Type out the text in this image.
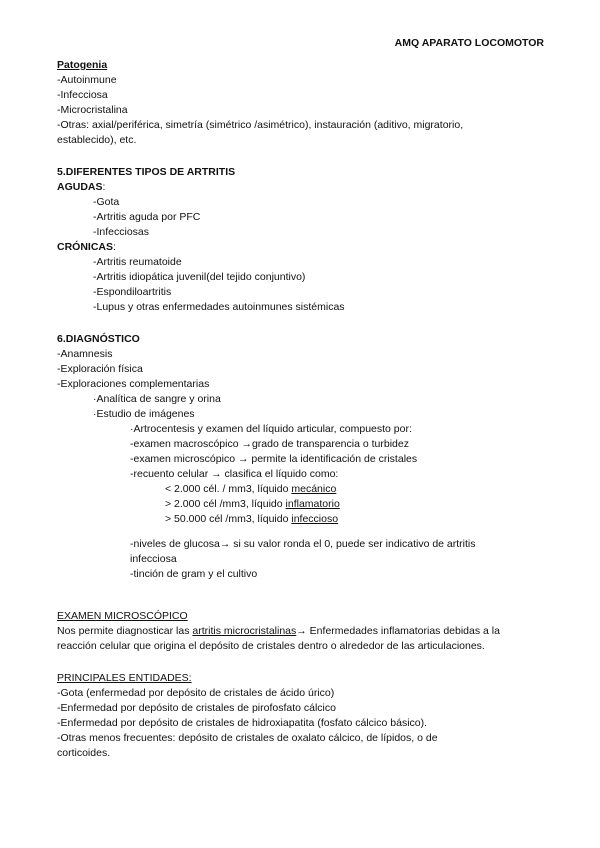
AMQ APARATO LOCOMOTOR
Patogenia
-Autoinmune
-Infecciosa
-Microcristalina
-Otras: axial/periférica, simetría (simétrico /asimétrico), instauración (aditivo, migratorio, establecido), etc.
5.DIFERENTES TIPOS DE ARTRITIS
AGUDAS:
-Gota
-Artritis aguda por PFC
-Infecciosas
CRÓNICAS:
-Artritis reumatoide
-Artritis idiopática juvenil(del tejido conjuntivo)
-Espondiloartritis
-Lupus y otras enfermedades autoinmunes sistémicas
6.DIAGNÓSTICO
-Anamnesis
-Exploración física
-Exploraciones complementarias
·Analítica de sangre y orina
·Estudio de imágenes
·Artrocentesis y examen del líquido articular, compuesto por:
-examen macroscópico →grado de transparencia o turbidez
-examen microscópico → permite la identificación de cristales
-recuento celular → clasifica el líquido como:
< 2.000 cél. / mm3, líquido mecánico
> 2.000 cél /mm3, líquido inflamatorio
> 50.000 cél /mm3, líquido infeccioso
-niveles de glucosa→ si su valor ronda el 0, puede ser indicativo de artritis infecciosa
-tinción de gram y el cultivo
EXAMEN MICROSCÓPICO
Nos permite diagnosticar las artritis microcristalinas→ Enfermedades inflamatorias debidas a la reacción celular que origina el depósito de cristales dentro o alrededor de las articulaciones.
PRINCIPALES ENTIDADES:
-Gota (enfermedad por depósito de cristales de ácido úrico)
-Enfermedad por depósito de cristales de pirofosfato cálcico
-Enfermedad por depósito de cristales de hidroxiapatita (fosfato cálcico básico).
-Otras menos frecuentes: depósito de cristales de oxalato cálcico, de lípidos, o de corticoides.
